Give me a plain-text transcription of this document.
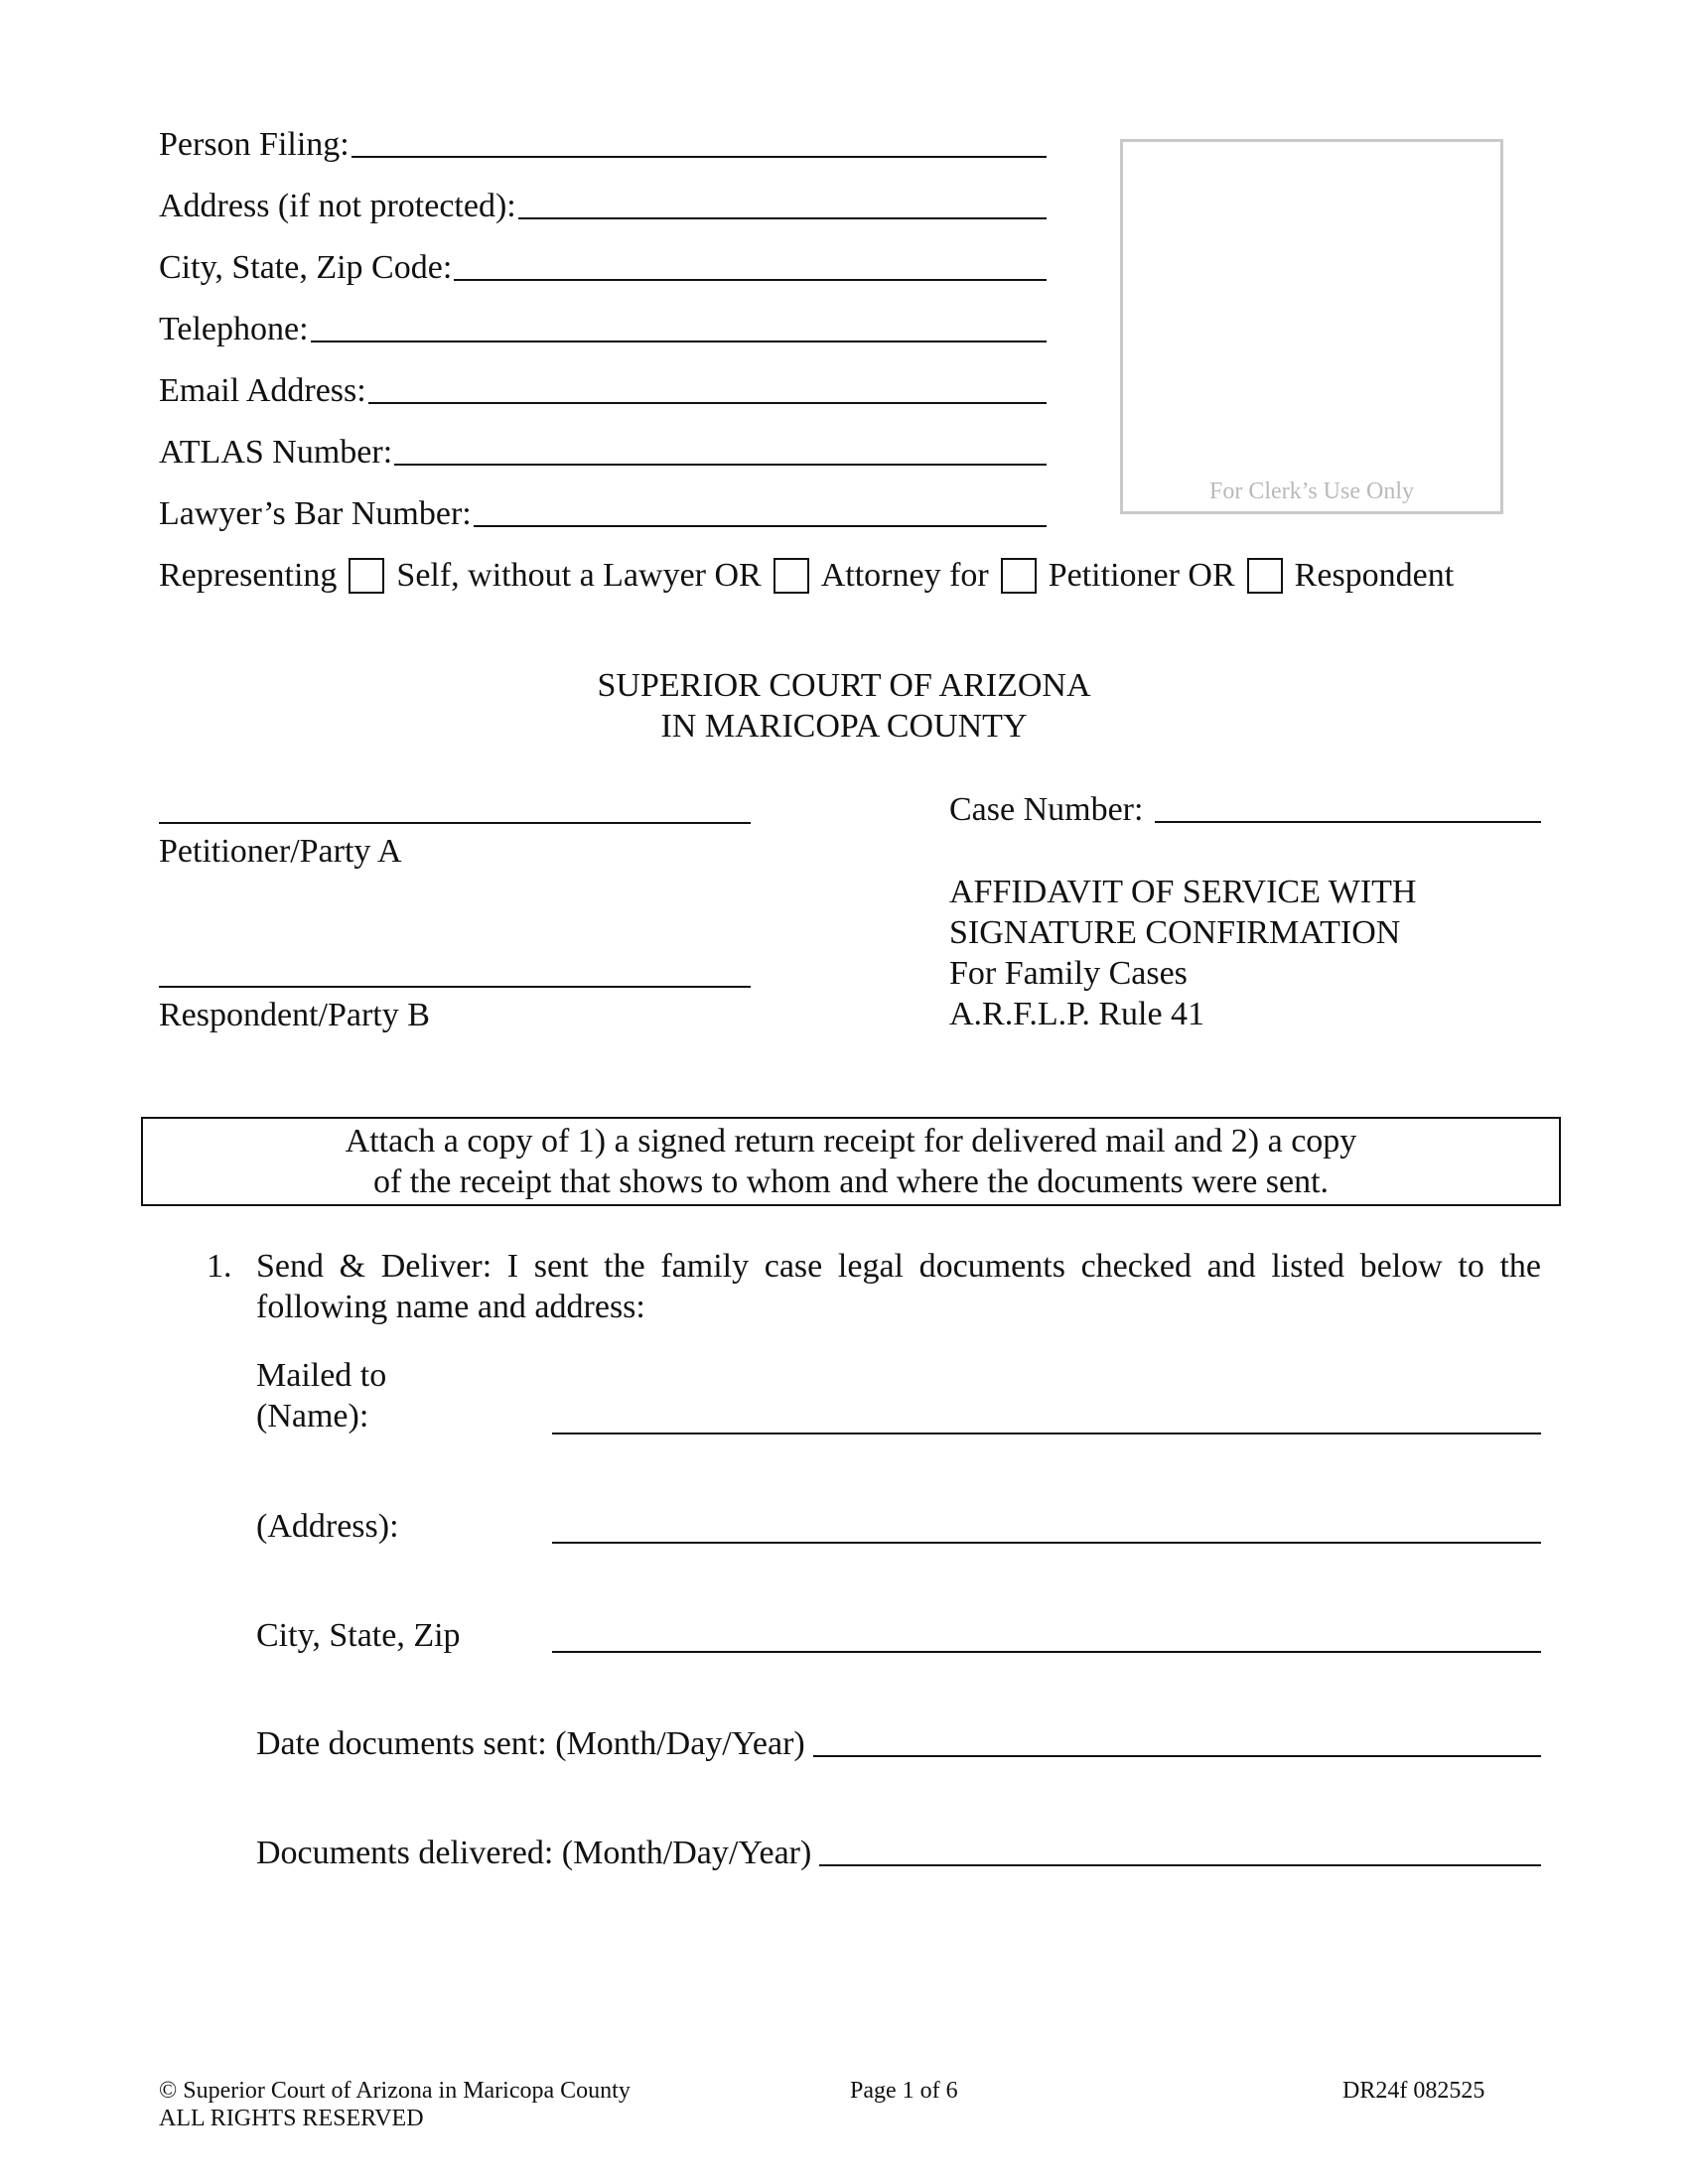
Person Filing:
Address (if not protected):
City, State, Zip Code:
Telephone:
Email Address:
ATLAS Number:
Lawyer’s Bar Number:
For Clerk’s Use Only
Representing Self, without a Lawyer OR Attorney for Petitioner OR Respondent
SUPERIOR COURT OF ARIZONA
IN MARICOPA COUNTY
Petitioner/Party A
Respondent/Party B
Case Number:
AFFIDAVIT OF SERVICE WITH
SIGNATURE CONFIRMATION
For Family Cases
A.R.F.L.P. Rule 41
Attach a copy of 1) a signed return receipt for delivered mail and 2) a copy
of the receipt that shows to whom and where the documents were sent.
1. Send & Deliver: I sent the family case legal documents checked and listed below to the
following name and address:
Mailed to
(Name):
(Address):
City, State, Zip
Date documents sent: (Month/Day/Year)
Documents delivered: (Month/Day/Year)
© Superior Court of Arizona in Maricopa County
ALL RIGHTS RESERVED
Page 1 of 6	DR24f 082525
